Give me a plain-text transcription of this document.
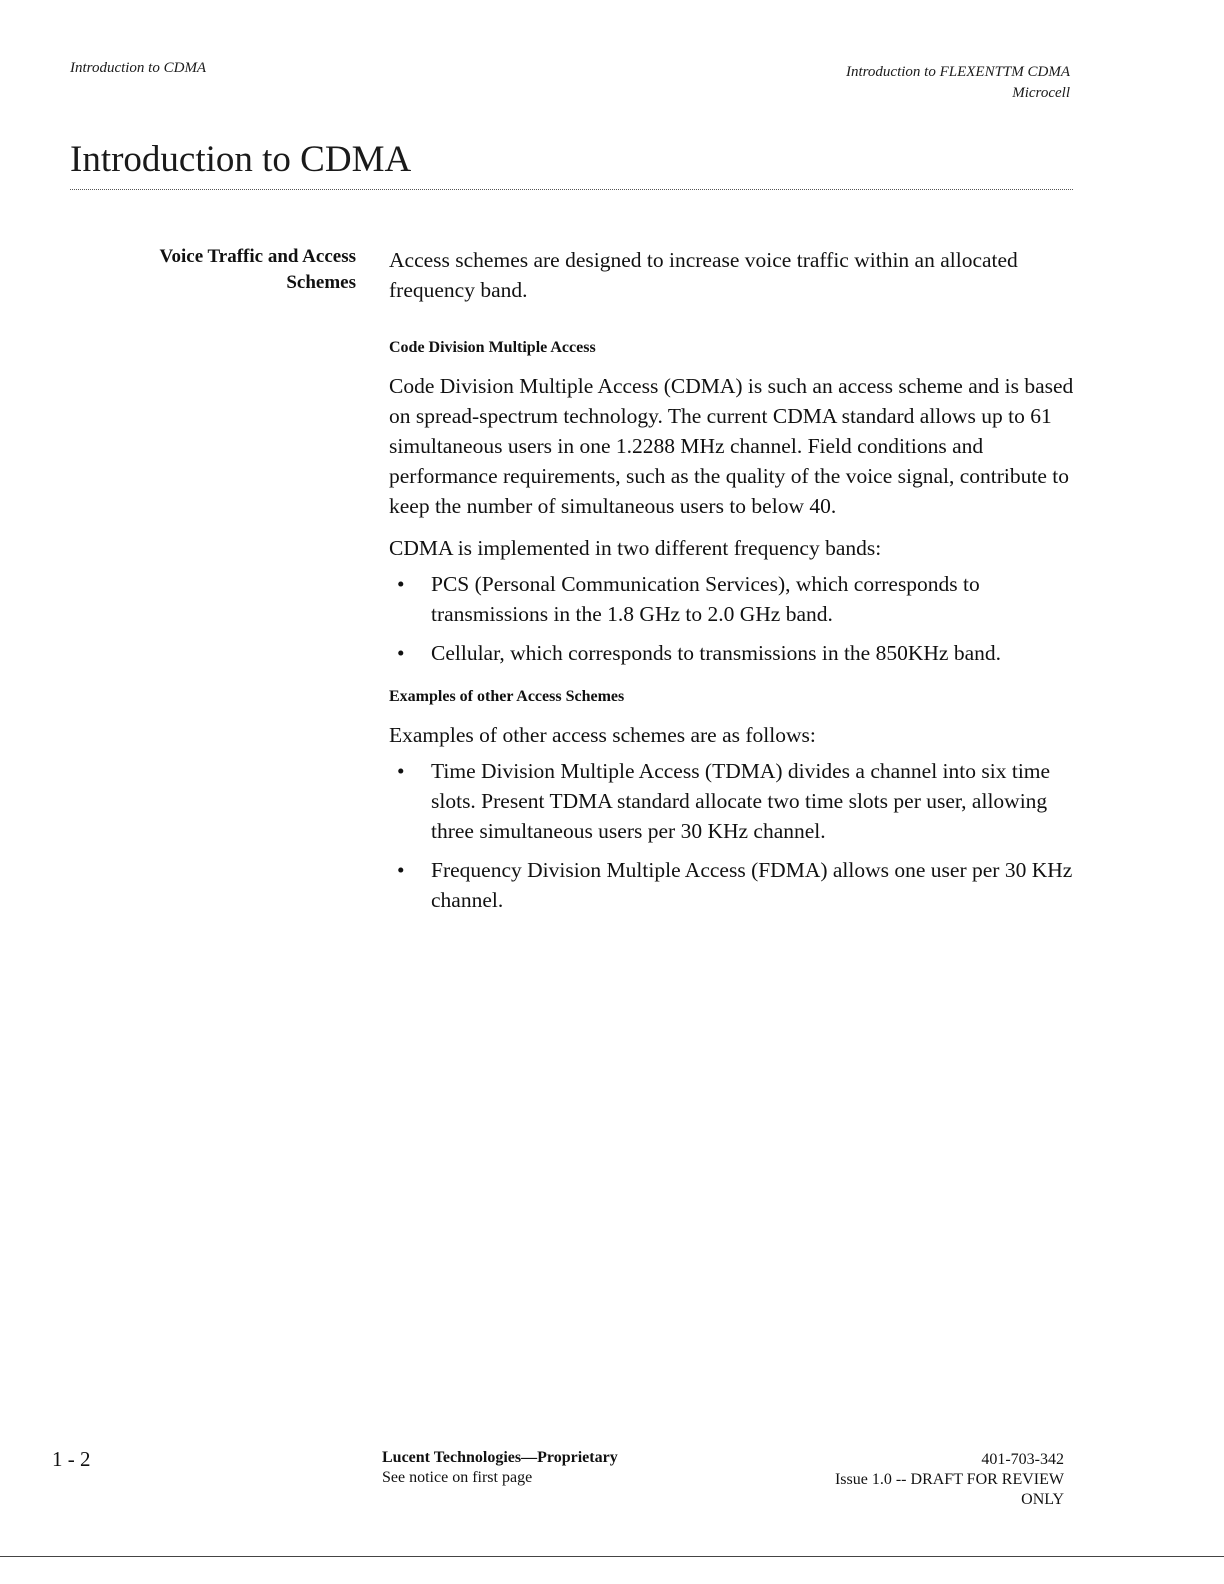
Introduction to CDMA	Introduction to FLEXENTTM CDMA
Microcell
Introduction to CDMA
Voice Traffic and Access
Schemes

Access schemes are designed to increase voice traffic within an allocated frequency band.

Code Division Multiple Access

Code Division Multiple Access (CDMA) is such an access scheme and is based on spread-spectrum technology. The current CDMA standard allows up to 61 simultaneous users in one 1.2288 MHz channel. Field conditions and performance requirements, such as the quality of the voice signal, contribute to keep the number of simultaneous users to below 40.

CDMA is implemented in two different frequency bands:

• PCS (Personal Communication Services), which corresponds to transmissions in the 1.8 GHz to 2.0 GHz band.
• Cellular, which corresponds to transmissions in the 850KHz band.

Examples of other Access Schemes

Examples of other access schemes are as follows:

• Time Division Multiple Access (TDMA) divides a channel into six time slots. Present TDMA standard allocate two time slots per user, allowing three simultaneous users per 30 KHz channel.
• Frequency Division Multiple Access (FDMA) allows one user per 30 KHz channel.
1 - 2	Lucent Technologies—Proprietary
See notice on first page
401-703-342
Issue 1.0 -- DRAFT FOR REVIEW
ONLY
